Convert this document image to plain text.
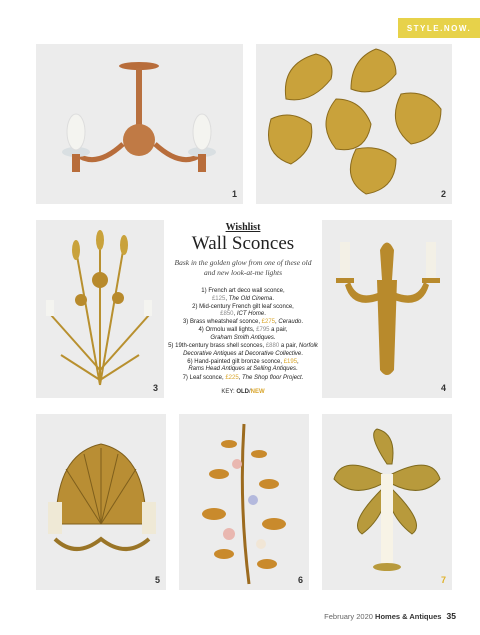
STYLE.NOW.
1	2
3	4
5	6	7
Wishlist
Wall Sconces
Bask in the golden glow from one of these old and new look-at-me lights
1) French art deco wall sconce,
£125, The Old Cinema.
2) Mid-century French gilt leaf sconce,
£850, ICT Home.
3) Brass wheatsheaf sconce, £275, Ceraudo.
4) Ormolu wall lights, £795 a pair,
Graham Smith Antiques.
5) 19th-century brass shell sconces, £880 a pair, Norfolk Decorative Antiques at Decorative Collective.
6) Hand-painted gilt bronze sconce, £195,
Rams Head Antiques at Selling Antiques.
7) Leaf sconce, £225, The Shop floor Project.
KEY: OLD/NEW
February 2020 Homes & Antiques 35
